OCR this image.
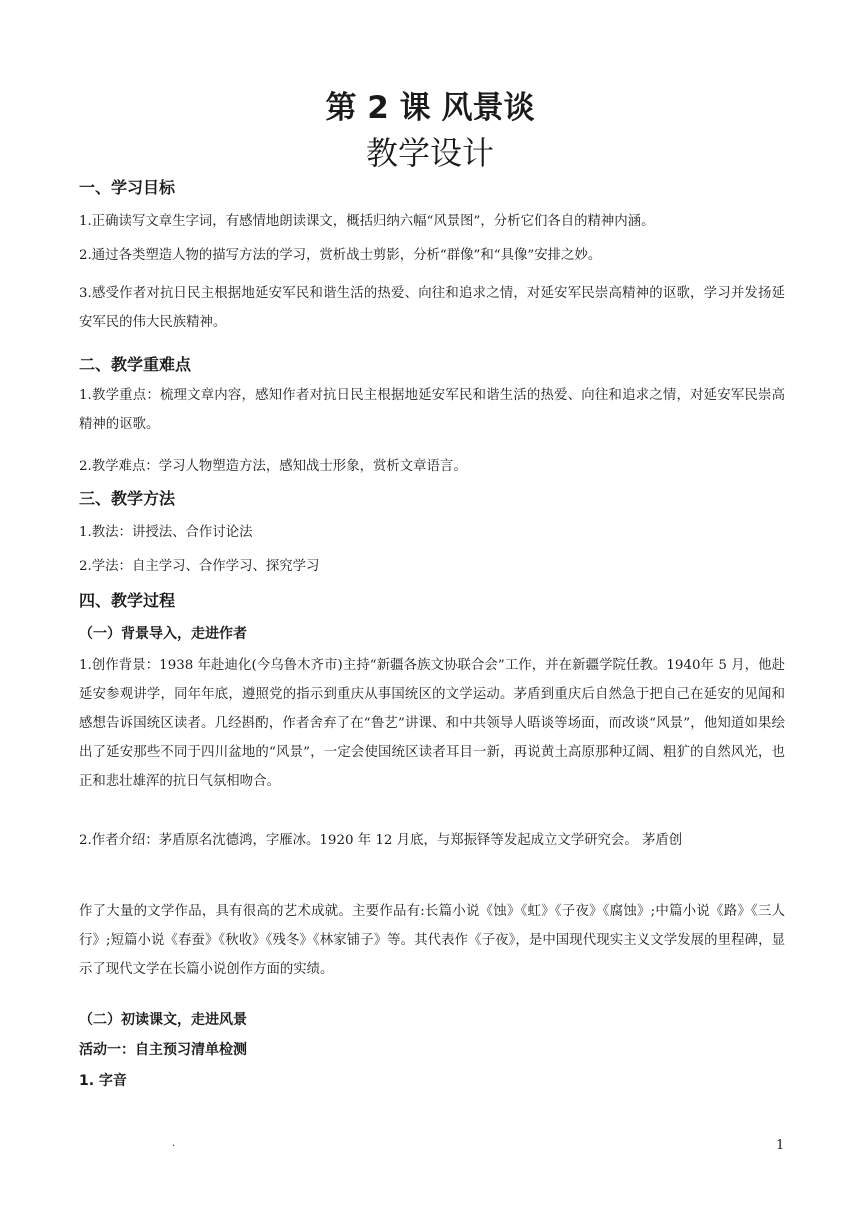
第 2 课 风景谈
教学设计
一、学习目标

1.正确读写文章生字词，有感情地朗读课文，概括归纳六幅“风景图”，分析它们各自的精神内涵。

2.通过各类塑造人物的描写方法的学习，赏析战士剪影，分析“群像”和“具像”安排之妙。

3.感受作者对抗日民主根据地延安军民和谐生活的热爱、向往和追求之情，对延安军民崇高精神的讴歌，学习并发扬延安军民的伟大民族精神。

二、教学重难点

1.教学重点：梳理文章内容，感知作者对抗日民主根据地延安军民和谐生活的热爱、向往和追求之情，对延安军民崇高精神的讴歌。

2.教学难点：学习人物塑造方法，感知战士形象，赏析文章语言。

三、教学方法

1.教法：讲授法、合作讨论法

2.学法：自主学习、合作学习、探究学习

四、教学过程
（一）背景导入，走进作者

1.创作背景：1938 年赴迪化(今乌鲁木齐市)主持“新疆各族文协联合会”工作，并在新疆学院任教。1940年 5 月，他赴延安参观讲学，同年年底，遵照党的指示到重庆从事国统区的文学运动。茅盾到重庆后自然急于把自己在延安的见闻和感想告诉国统区读者。几经斟酌，作者舍弃了在“鲁艺”讲课、和中共领导人晤谈等场面，而改谈“风景”，他知道如果绘出了延安那些不同于四川盆地的“风景”，一定会使国统区读者耳目一新，再说黄土高原那种辽阔、粗犷的自然风光，也正和悲壮雄浑的抗日气氛相吻合。

2.作者介绍：茅盾原名沈德鸿，字雁冰。1920 年 12 月底，与郑振铎等发起成立文学研究会。 茅盾创

作了大量的文学作品，具有很高的艺术成就。主要作品有:长篇小说《蚀》《虹》《子夜》《腐蚀》;中篇小说《路》《三人行》;短篇小说《春蚕》《秋收》《残冬》《林家铺子》等。其代表作《子夜》，是中国现代现实主义文学发展的里程碑，显示了现代文学在长篇小说创作方面的实绩。

（二）初读课文，走进风景
活动一：自主预习清单检测
1. 字音
.	1
